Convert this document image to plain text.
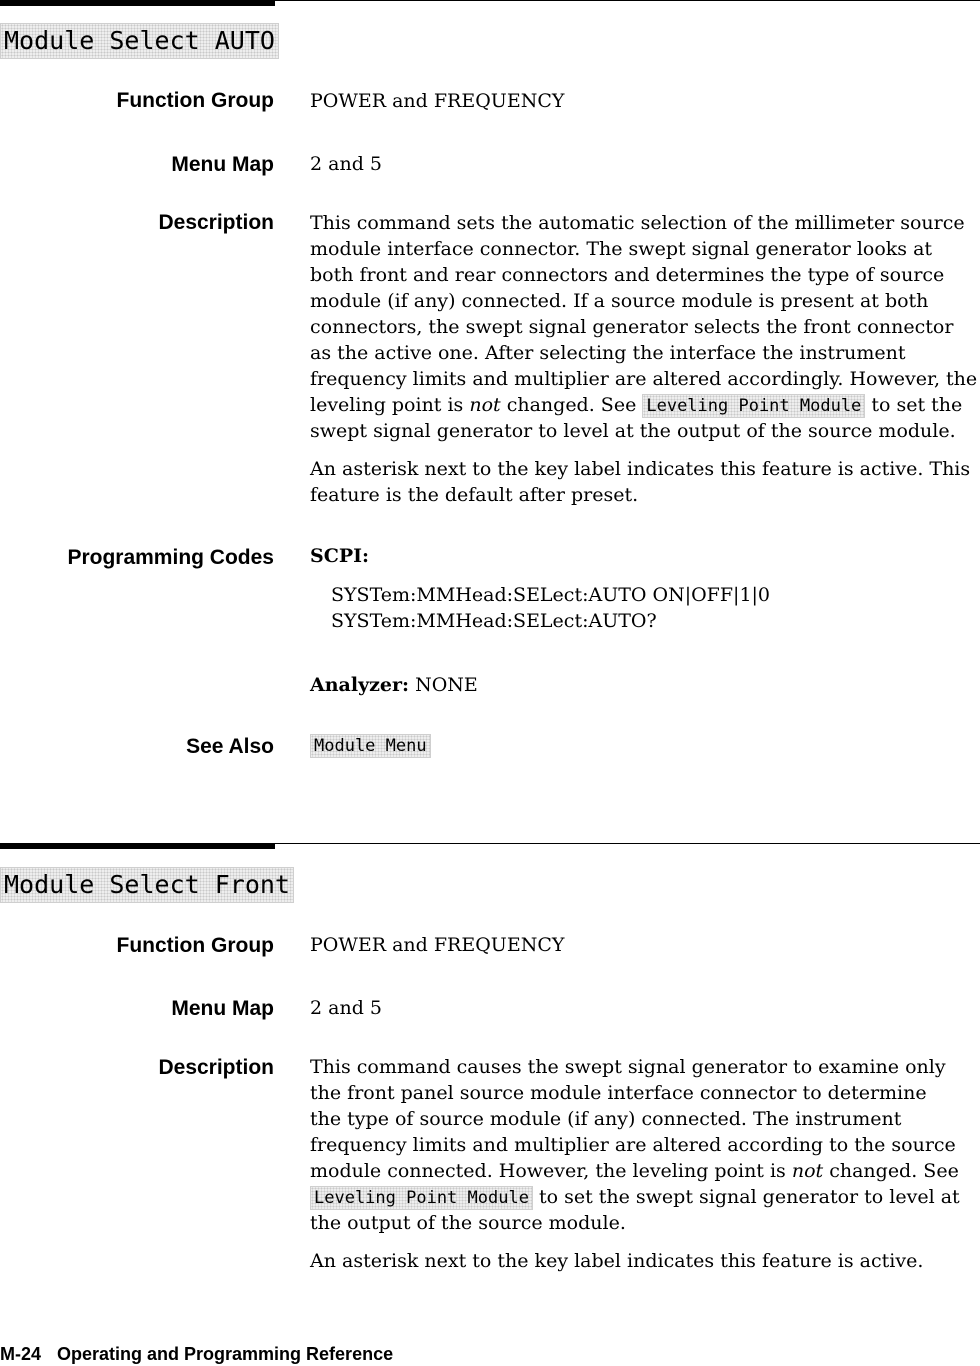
Module Select AUTO
Function Group POWER and FREQUENCY
Menu Map 2 and 5
Description This command sets the automatic selection of the millimeter source module interface connector. The swept signal generator looks at both front and rear connectors and determines the type of source module (if any) connected. If a source module is present at both connectors, the swept signal generator selects the front connector as the active one. After selecting the interface the instrument frequency limits and multiplier are altered accordingly. However, the leveling point is not changed. See Leveling Point Module to set the swept signal generator to level at the output of the source module.

An asterisk next to the key label indicates this feature is active. This feature is the default after preset.

Programming Codes SCPI:
SYSTem:MMHead:SELect:AUTO ON|OFF|1|0
SYSTem:MMHead:SELect:AUTO?
Analyzer: NONE
See Also Module Menu
Module Select Front
Function Group POWER and FREQUENCY
Menu Map 2 and 5
Description This command causes the swept signal generator to examine only the front panel source module interface connector to determine the type of source module (if any) connected. The instrument frequency limits and multiplier are altered according to the source module connected. However, the leveling point is not changed. See Leveling Point Module to set the swept signal generator to level at the output of the source module.

An asterisk next to the key label indicates this feature is active.

M-24 Operating and Programming Reference
